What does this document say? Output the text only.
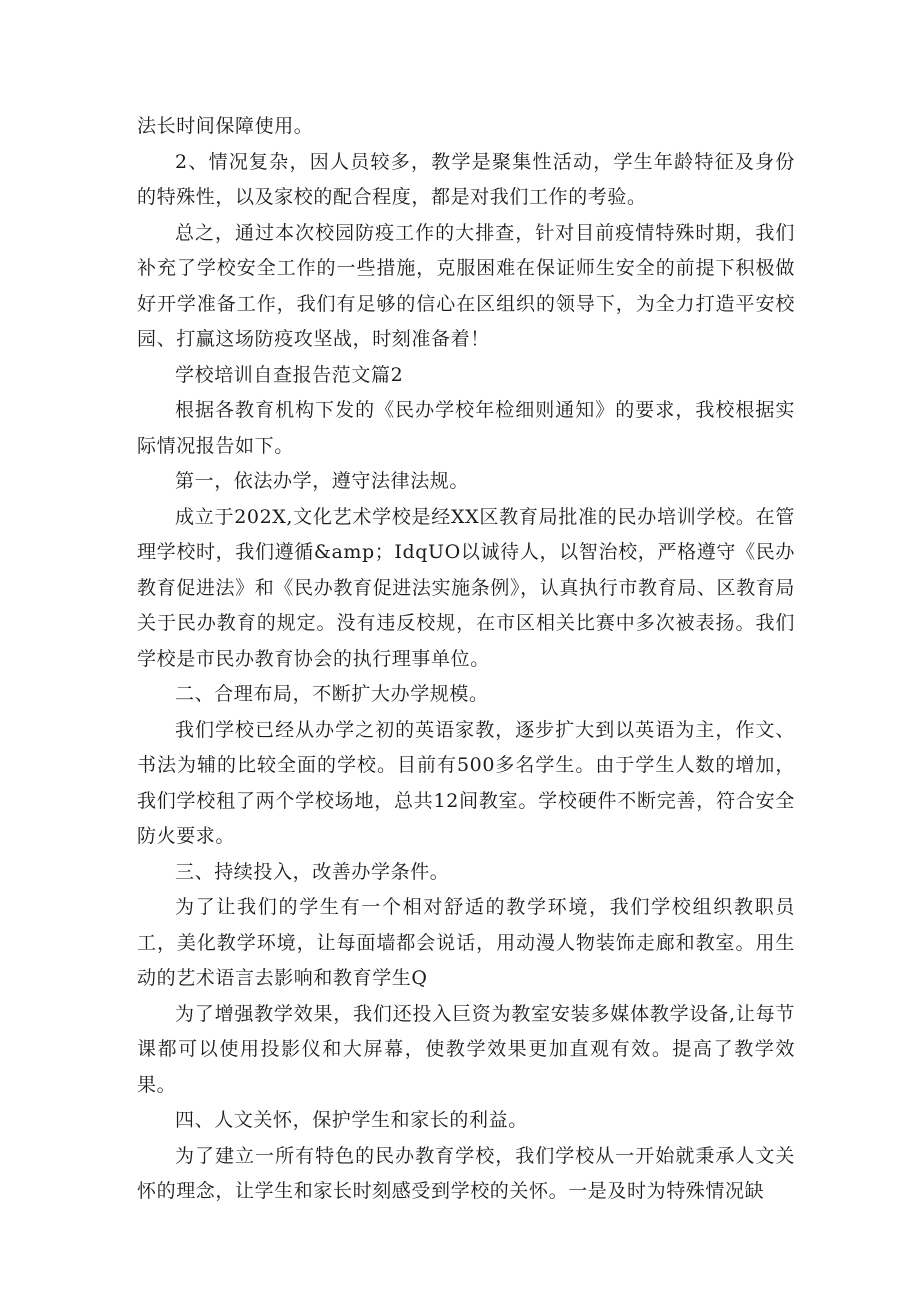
法长时间保障使用。

2、情况复杂，因人员较多，教学是聚集性活动，学生年龄特征及身份的特殊性，以及家校的配合程度，都是对我们工作的考验。

总之，通过本次校园防疫工作的大排查，针对目前疫情特殊时期，我们补充了学校安全工作的一些措施，克服困难在保证师生安全的前提下积极做好开学准备工作，我们有足够的信心在区组织的领导下，为全力打造平安校园、打赢这场防疫攻坚战，时刻准备着！

学校培训自查报告范文篇2

根据各教育机构下发的《民办学校年检细则通知》的要求，我校根据实际情况报告如下。

第一，依法办学，遵守法律法规。

成立于202X,文化艺术学校是经XX区教育局批准的民办培训学校。在管理学校时，我们遵循&amp；IdqUO以诚待人，以智治校，严格遵守《民办教育促进法》和《民办教育促进法实施条例》，认真执行市教育局、区教育局关于民办教育的规定。没有违反校规，在市区相关比赛中多次被表扬。我们学校是市民办教育协会的执行理事单位。

二、合理布局，不断扩大办学规模。

我们学校已经从办学之初的英语家教，逐步扩大到以英语为主，作文、书法为辅的比较全面的学校。目前有500多名学生。由于学生人数的增加，我们学校租了两个学校场地，总共12间教室。学校硬件不断完善，符合安全防火要求。

三、持续投入，改善办学条件。

为了让我们的学生有一个相对舒适的教学环境，我们学校组织教职员工，美化教学环境，让每面墙都会说话，用动漫人物装饰走廊和教室。用生动的艺术语言去影响和教育学生Q

为了增强教学效果，我们还投入巨资为教室安装多媒体教学设备,让每节课都可以使用投影仪和大屏幕，使教学效果更加直观有效。提高了教学效果。

四、人文关怀，保护学生和家长的利益。

为了建立一所有特色的民办教育学校，我们学校从一开始就秉承人文关怀的理念，让学生和家长时刻感受到学校的关怀。一是及时为特殊情况缺
